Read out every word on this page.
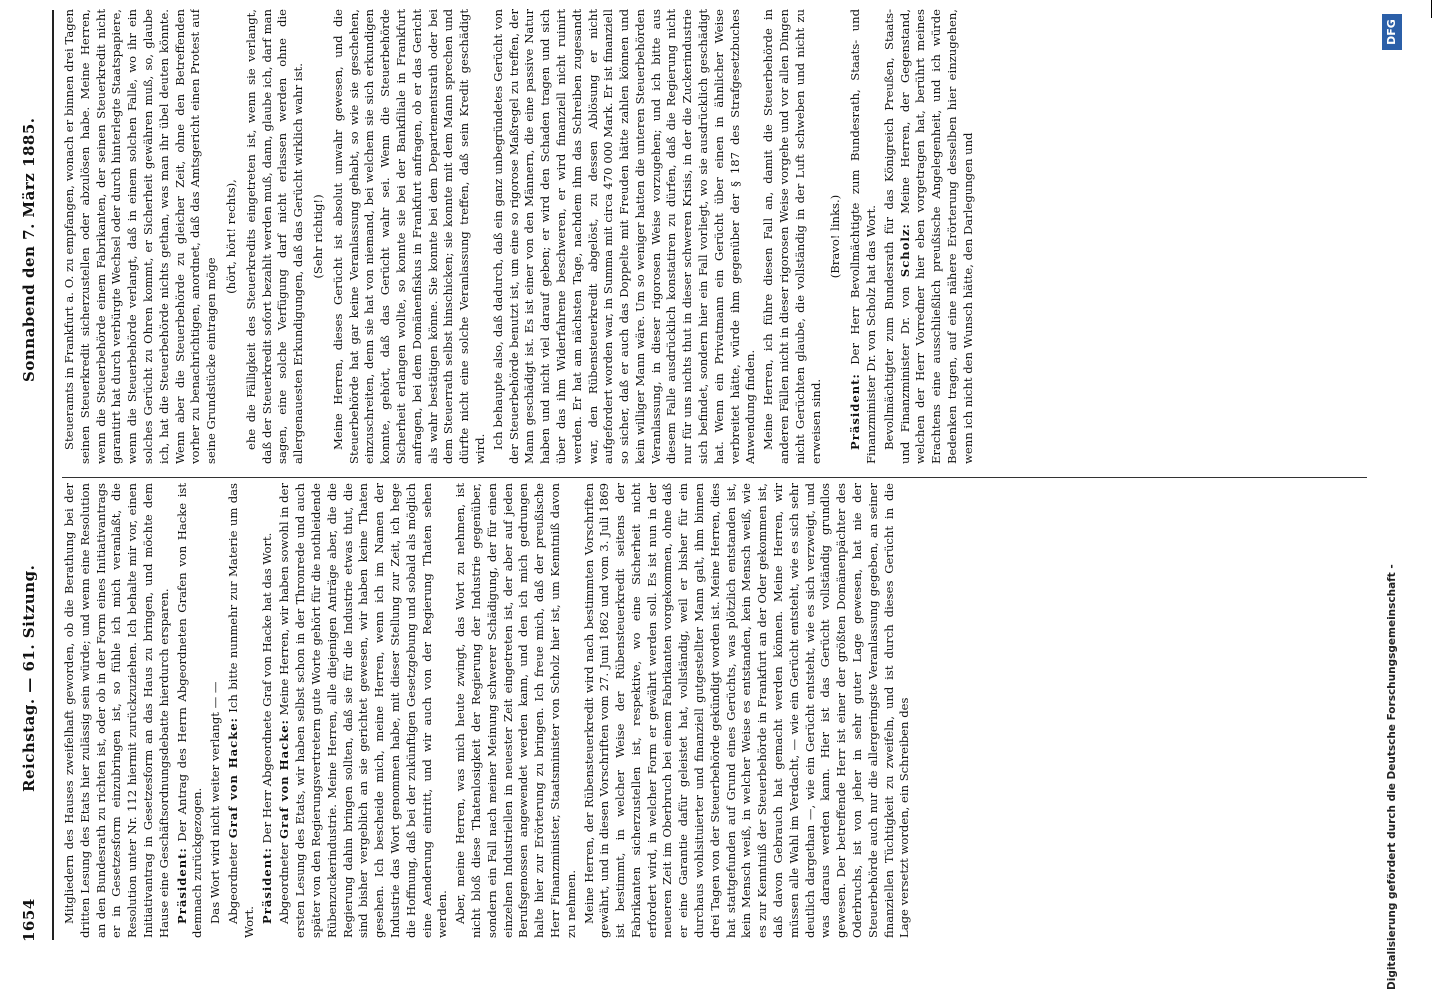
1654
Reichstag. — 61. Sitzung.
Sonnabend den 7. März 1885.

Mitgliedern des Hauses zweifelhaft geworden, ob die Berathung bei der dritten Lesung des Etats hier zulässig sein würde; und wenn eine Resolution an den Bundesrath zu richten ist, oder ob in der Form eines Initiativantrags er in Gesetzesform einzubringen ist, so fühle ich mich veranlaßt, die Resolution unter Nr. 112 hiermit zurückzuziehen. Ich behalte mir vor, einen Initiativantrag in Gesetzesform an das Haus zu bringen, und möchte dem Hause eine Geschäftsordnungsdebatte hierdurch ersparen. Präsident: Der Antrag des Herrn Abgeordneten Grafen von Hacke ist demnach zurückgezogen. Das Wort wird nicht weiter verlangt — — Abgeordneter Graf von Hacke: Ich bitte nunmehr zur Materie um das Wort. Präsident: Der Herr Abgeordnete Graf von Hacke hat das Wort.

Abgeordneter Graf von Hacke: Meine Herren, wir haben sowohl in der ersten Lesung des Etats, wir haben selbst schon in der Thronrede und auch später von den Regierungsvertretern gute Worte gehört für die nothleidende Rübenzuckerindustrie. Meine Herren, alle diejenigen Anträge aber, die die Regierung dahin bringen sollten, daß sie für die Industrie etwas thut, die sind bisher vergeblich an sie gerichtet gewesen, wir haben keine Thaten gesehen. Ich bescheide mich, meine Herren, wenn ich im Namen der Industrie das Wort genommen habe, mit dieser Stellung zur Zeit, ich hege die Hoffnung, daß bei der zukünftigen Gesetzgebung und sobald als möglich eine Aenderung eintritt, und wir auch von der Regierung Thaten sehen werden. Aber, meine Herren, was mich heute zwingt, das Wort zu nehmen, ist nicht bloß diese Thatenlosigkeit der Regierung der Industrie gegenüber, sondern ein Fall nach meiner Meinung schwerer Schädigung, der für einen einzelnen Industriellen in neuester Zeit eingetreten ist, der aber auf jeden Berufsgenossen angewendet werden kann, und den ich mich gedrungen halte hier zur Erörterung zu bringen. Ich freue mich, daß der preußische Herr Finanzminister, Staatsminister von Scholz hier ist, um Kenntniß davon zu nehmen. Meine Herren, der Rübensteuerkredit wird nach bestimmten Vorschriften gewährt, und in diesen Vorschriften vom 27. Juni 1862 und vom 3. Juli 1869 ist bestimmt, in welcher Weise der Rübensteuerkredit seitens der Fabrikanten sicherzustellen ist, respektive, wo eine Sicherheit nicht erfordert wird, in welcher Form er gewährt werden soll. Es ist nun in der neueren Zeit im Oberbruch bei einem Fabrikanten vorgekommen, ohne daß er eine Garantie dafür geleistet hat, vollständig, weil er bisher für ein durchaus wohlsituierter und finanziell gutgestellter Mann galt, ihm binnen drei Tagen von der Steuerbehörde gekündigt worden ist. Meine Herren, dies hat stattgefunden auf Grund eines Gerüchts, was plötzlich entstanden ist, kein Mensch weiß, in welcher Weise es entstanden, kein Mensch weiß, wie es zur Kenntniß der Steuerbehörde in Frankfurt an der Oder gekommen ist, daß davon Gebrauch hat gemacht werden können. Meine Herren, wir müssen alle Wahl im Verdacht, — wie ein Gerücht entsteht, wie es sich sehr deutlich dargethan —, wie ein Gerücht entsteht, wie es sich verzweigt, und was daraus werden kann. Hier ist das Gerücht vollständig grundlos gewesen. Der betreffende Herr ist einer der größten Domänenpächter des Oderbruchs, ist von jeher in sehr guter Lage gewesen, hat nie der Steuerbehörde auch nur die allergeringste Veranlassung gegeben, an seiner finanziellen Tüchtigkeit zu zweifeln, und ist durch dieses Gerücht in die Lage versetzt worden, ein Schreiben des

Steueramts in Frankfurt a. O. zu empfangen, wonach er binnen drei Tagen seinen Steuerkredit sicherzustellen oder abzulösen habe. Meine Herren, wenn die Steuerbehörde einem Fabrikanten, der seinen Steuerkredit nicht garantirt hat durch verbürgte Wechsel oder durch hinterlegte Staatspapiere, wenn die Steuerbehörde verlangt, daß in einem solchen Falle, wo ihr ein solches Gerücht zu Ohren kommt, er Sicherheit gewähren muß, so, glaube ich, hat die Steuerbehörde nichts gethan, was man ihr übel deuten könnte. Wenn aber die Steuerbehörde zu gleicher Zeit, ohne den Betreffenden vorher zu benachrichtigen, anordnet, daß das Amtsgericht einen Protest auf seine Grundstücke eintragen möge

(hört, hört! rechts), ehe die Fälligkeit des Steuerkredits eingetreten ist, wenn sie verlangt, daß der Steuerkredit sofort bezahlt werden muß, dann, glaube ich, darf man sagen, eine solche Verfügung darf nicht erlassen werden ohne die allergenauesten Erkundigungen, daß das Gerücht wirklich wahr ist. (Sehr richtig!) Meine Herren, dieses Gerücht ist absolut unwahr gewesen, und die Steuerbehörde hat gar keine Veranlassung gehabt, so wie sie geschehen, einzuschreiten, denn sie hat von niemand, bei welchem sie sich erkundigen konnte, gehört, daß das Gerücht wahr sei. Wenn die Steuerbehörde Sicherheit erlangen wollte, so konnte sie bei der Bankfiliale in Frankfurt anfragen, bei dem Domänenfiskus in Frankfurt anfragen, ob er das Gericht als wahr bestätigen könne. Sie konnte bei dem Departementsrath oder bei dem Steuerrath selbst hinschicken; sie konnte mit dem Mann sprechen und dürfte nicht eine solche Veranlassung treffen, daß sein Kredit geschädigt wird. Ich behaupte also, daß dadurch, daß ein ganz unbegründetes Gerücht von der Steuerbehörde benutzt ist, um eine so rigorose Maßregel zu treffen, der Mann geschädigt ist. Es ist einer von den Männern, die eine passive Natur haben und nicht viel darauf geben; er wird den Schaden tragen und sich über das ihm Widerfahrene beschweren, er wird finanziell nicht ruinirt werden. Er hat am nächsten Tage, nachdem ihm das Schreiben zugesandt war, den Rübensteuerkredit abgelöst, zu dessen Ablösung er nicht aufgefordert worden war, in Summa mit circa 470 000 Mark. Er ist finanziell so sicher, daß er auch das Doppelte mit Freuden hätte zahlen können und kein williger Mann wäre. Um so weniger hatten die unteren Steuerbehörden Veranlassung, in dieser rigorosen Weise vorzugehen; und ich bitte aus diesem Falle ausdrücklich konstatiren zu dürfen, daß die Regierung nicht nur für uns nichts thut in dieser schweren Krisis, in der die Zuckerindustrie sich befindet, sondern hier ein Fall vorliegt, wo sie ausdrücklich geschädigt hat. Wenn ein Privatmann ein Gerücht über einen in ähnlicher Weise verbreitet hätte, würde ihm gegenüber der § 187 des Strafgesetzbuches Anwendung finden. Meine Herren, ich führe diesen Fall an, damit die Steuerbehörde in anderen Fällen nicht in dieser rigorosen Weise vorgehe und vor allen Dingen nicht Gerüchten glaube, die vollständig in der Luft schweben und nicht zu erweisen sind.

(Bravo! links.)

Präsident: Der Herr Bevollmächtigte zum Bundesrath, Staats- und Finanzminister Dr. von Scholz hat das Wort. Bevollmächtigter zum Bundesrath für das Königreich Preußen, Staats- und Finanzminister Dr. von Scholz: Meine Herren, der Gegenstand, welchen der Herr Vorredner hier eben vorgetragen hat, berührt meines Erachtens eine ausschließlich preußische Angelegenheit, und ich würde Bedenken tragen, auf eine nähere Erörterung desselben hier einzugehen, wenn ich nicht den Wunsch hätte, den Darlegungen und

Digitalisierung gefördert durch die Deutsche Forschungsgemeinschaft -
DFG
